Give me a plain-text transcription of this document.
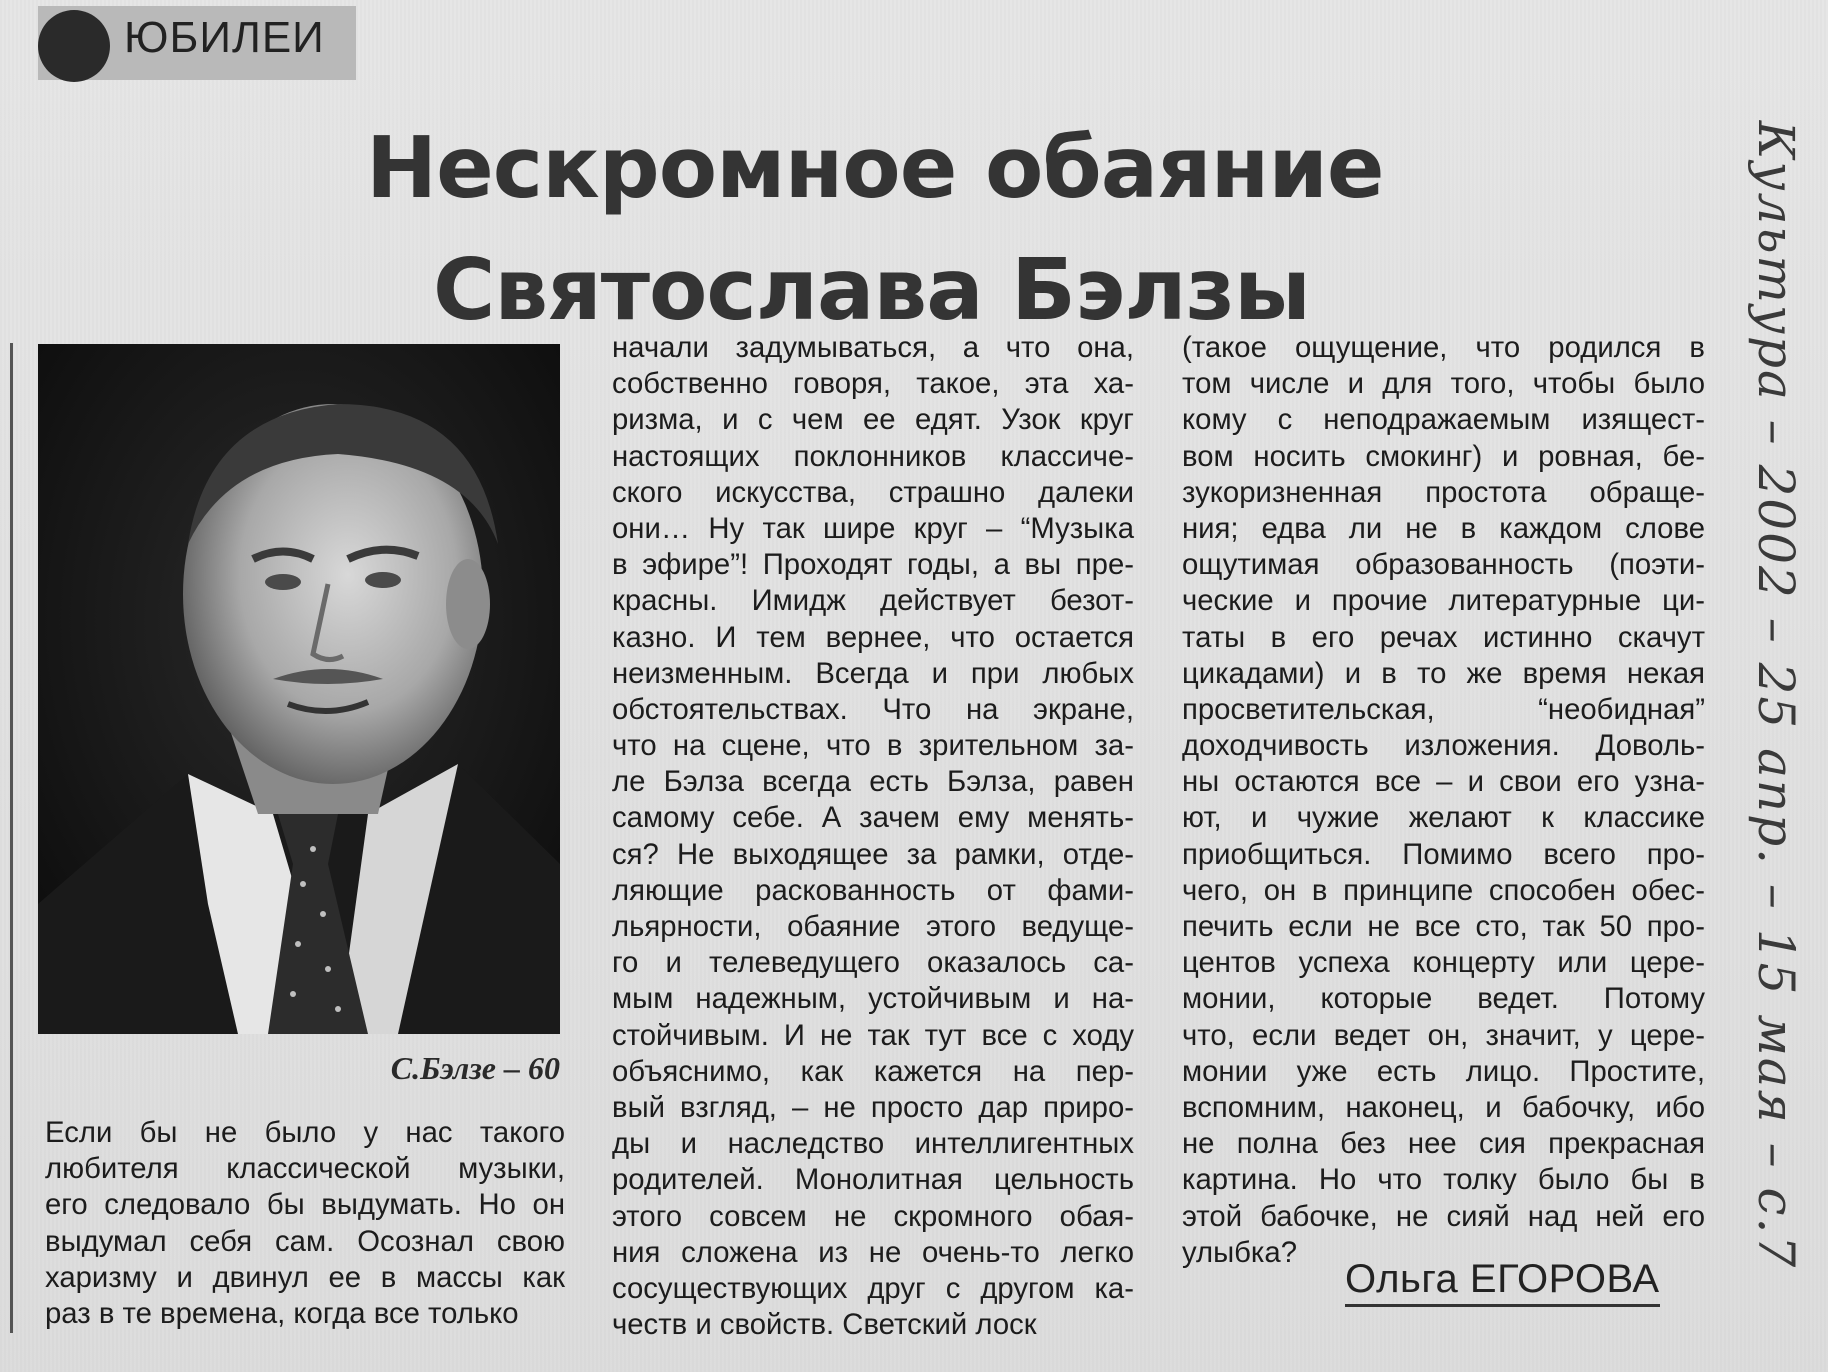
ЮБИЛЕИ
Нескромное обаяние
Святослава Бэлзы
С.Бэлзе – 60
Если бы не было у нас такого
любителя классической музыки,
его следовало бы выдумать. Но он
выдумал себя сам. Осознал свою
харизму и двинул ее в массы как
раз в те времена, когда все только
начали задумываться, а что она,
собственно говоря, такое, эта ха-
ризма, и с чем ее едят. Узок круг
настоящих поклонников классиче-
ского искусства, страшно далеки
они… Ну так шире круг – “Музыка
в эфире”! Проходят годы, а вы пре-
красны. Имидж действует безот-
казно. И тем вернее, что остается
неизменным. Всегда и при любых
обстоятельствах. Что на экране,
что на сцене, что в зрительном за-
ле Бэлза всегда есть Бэлза, равен
самому себе. А зачем ему менять-
ся? Не выходящее за рамки, отде-
ляющие раскованность от фами-
льярности, обаяние этого ведуще-
го и телеведущего оказалось са-
мым надежным, устойчивым и на-
стойчивым. И не так тут все с ходу
объяснимо, как кажется на пер-
вый взгляд, – не просто дар приро-
ды и наследство интеллигентных
родителей. Монолитная цельность
этого совсем не скромного обая-
ния сложена из не очень-то легко
сосуществующих друг с другом ка-
честв и свойств. Светский лоск
(такое ощущение, что родился в
том числе и для того, чтобы было
кому с неподражаемым изящест-
вом носить смокинг) и ровная, бе-
зукоризненная простота обраще-
ния; едва ли не в каждом слове
ощутимая образованность (поэти-
ческие и прочие литературные ци-
таты в его речах истинно скачут
цикадами) и в то же время некая
просветительская, “необидная”
доходчивость изложения. Доволь-
ны остаются все – и свои его узна-
ют, и чужие желают к классике
приобщиться. Помимо всего про-
чего, он в принципе способен обес-
печить если не все сто, так 50 про-
центов успеха концерту или цере-
монии, которые ведет. Потому
что, если ведет он, значит, у цере-
монии уже есть лицо. Простите,
вспомним, наконец, и бабочку, ибо
не полна без нее сия прекрасная
картина. Но что толку было бы в
этой бабочке, не сияй над ней его
улыбка?
Ольга ЕГОРОВА
Культура – 2002 – 25 апр. – 15 мая – с.7
